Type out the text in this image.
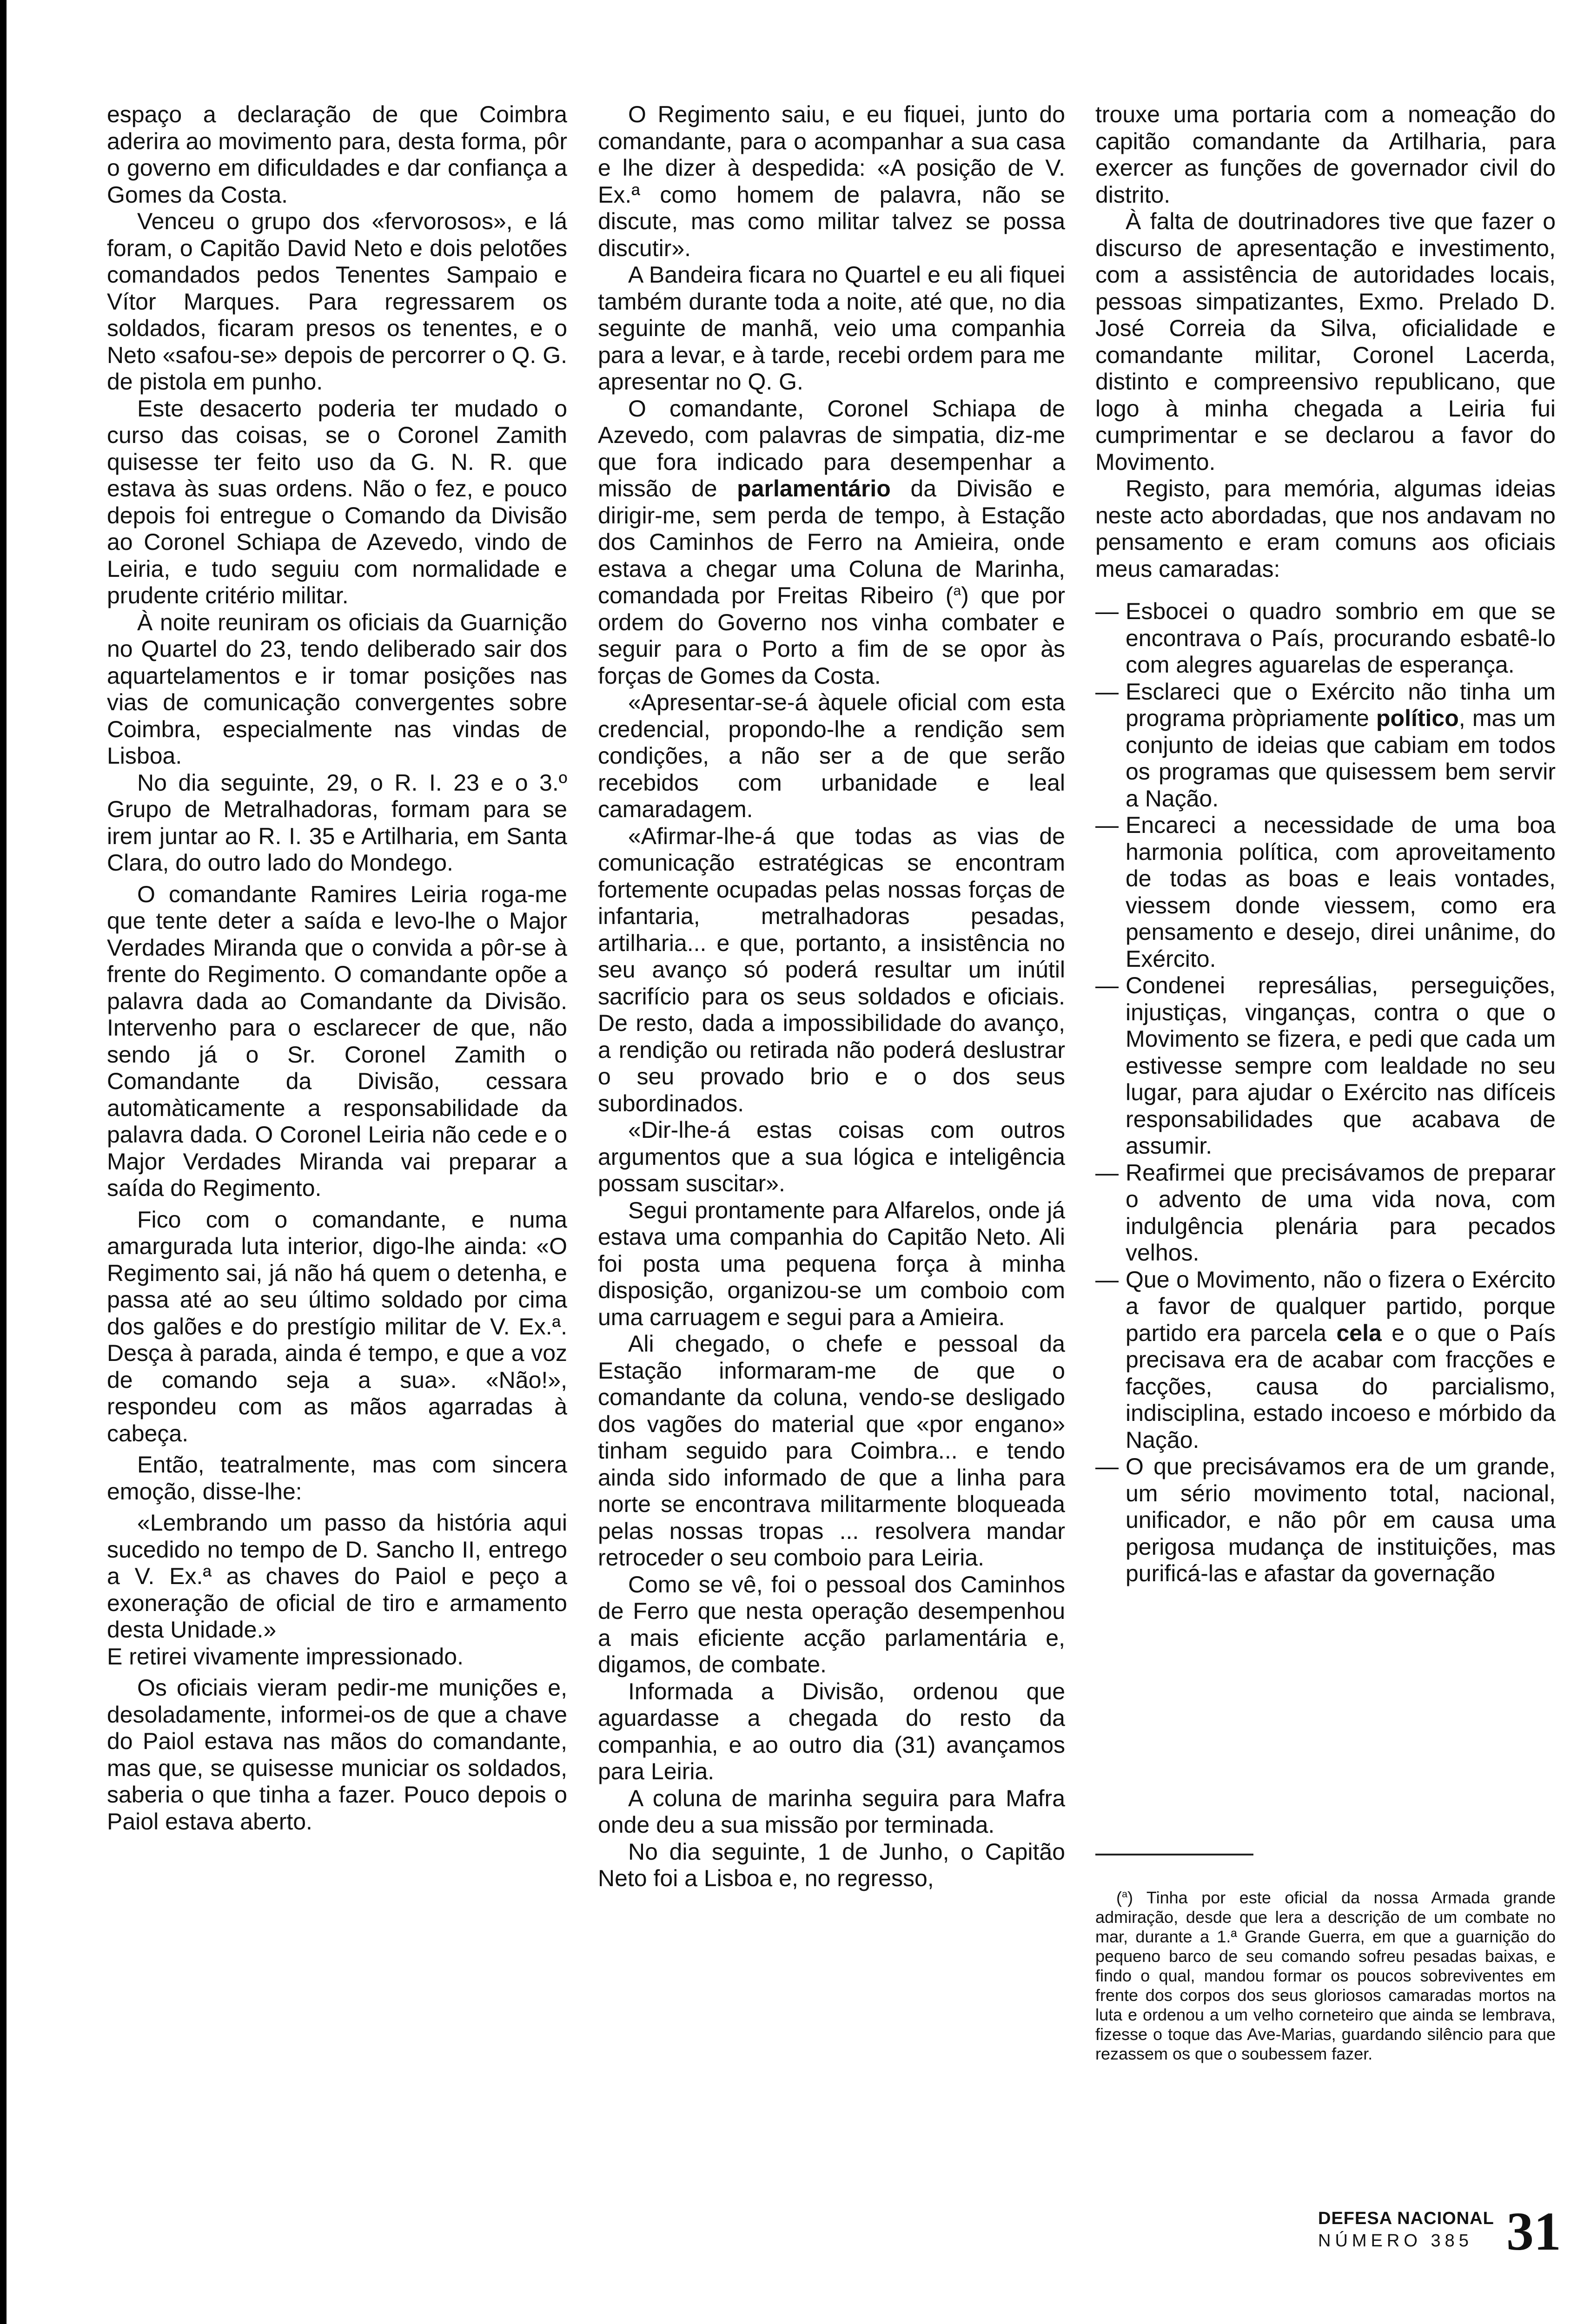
espaço a declaração de que Coimbra aderira ao movimento para, desta forma, pôr o governo em dificuldades e dar confiança a Gomes da Costa.

Venceu o grupo dos «fervorosos», e lá foram, o Capitão David Neto e dois pelotões comandados pedos Tenentes Sampaio e Vítor Marques. Para regressarem os soldados, ficaram presos os tenentes, e o Neto «safou-se» depois de percorrer o Q. G. de pistola em punho.

Este desacerto poderia ter mudado o curso das coisas, se o Coronel Zamith quisesse ter feito uso da G. N. R. que estava às suas ordens. Não o fez, e pouco depois foi entregue o Comando da Divisão ao Coronel Schiapa de Azevedo, vindo de Leiria, e tudo seguiu com normalidade e prudente critério militar.

À noite reuniram os oficiais da Guarnição no Quartel do 23, tendo deliberado sair dos aquartelamentos e ir tomar posições nas vias de comunicação convergentes sobre Coimbra, especialmente nas vindas de Lisboa.

No dia seguinte, 29, o R. I. 23 e o 3.º Grupo de Metralhadoras, formam para se irem juntar ao R. I. 35 e Artilharia, em Santa Clara, do outro lado do Mondego.

O comandante Ramires Leiria roga-me que tente deter a saída e levo-lhe o Major Verdades Miranda que o convida a pôr-se à frente do Regimento. O comandante opõe a palavra dada ao Comandante da Divisão. Intervenho para o esclarecer de que, não sendo já o Sr. Coronel Zamith o Comandante da Divisão, cessara automàticamente a responsabilidade da palavra dada. O Coronel Leiria não cede e o Major Verdades Miranda vai preparar a saída do Regimento.

Fico com o comandante, e numa amargurada luta interior, digo-lhe ainda: «O Regimento sai, já não há quem o detenha, e passa até ao seu último soldado por cima dos galões e do prestígio militar de V. Ex.ª. Desça à parada, ainda é tempo, e que a voz de comando seja a sua». «Não!», respondeu com as mãos agarradas à cabeça.

Então, teatralmente, mas com sincera emoção, disse-lhe:

«Lembrando um passo da história aqui sucedido no tempo de D. Sancho II, entrego a V. Ex.ª as chaves do Paiol e peço a exoneração de oficial de tiro e armamento desta Unidade.»

E retirei vivamente impressionado.

Os oficiais vieram pedir-me munições e, desoladamente, informei-os de que a chave do Paiol estava nas mãos do comandante, mas que, se quisesse municiar os soldados, saberia o que tinha a fazer. Pouco depois o Paiol estava aberto.

O Regimento saiu, e eu fiquei, junto do comandante, para o acompanhar a sua casa e lhe dizer à despedida: «A posição de V. Ex.ª como homem de palavra, não se discute, mas como militar talvez se possa discutir».

A Bandeira ficara no Quartel e eu ali fiquei também durante toda a noite, até que, no dia seguinte de manhã, veio uma companhia para a levar, e à tarde, recebi ordem para me apresentar no Q. G.

O comandante, Coronel Schiapa de Azevedo, com palavras de simpatia, diz-me que fora indicado para desempenhar a missão de parlamentário da Divisão e dirigir-me, sem perda de tempo, à Estação dos Caminhos de Ferro na Amieira, onde estava a chegar uma Coluna de Marinha, comandada por Freitas Ribeiro ($^a$) que por ordem do Governo nos vinha combater e seguir para o Porto a fim de se opor às forças de Gomes da Costa.

«Apresentar-se-á àquele oficial com esta credencial, propondo-lhe a rendição sem condições, a não ser a de que serão recebidos com urbanidade e leal camaradagem.

«Afirmar-lhe-á que todas as vias de comunicação estratégicas se encontram fortemente ocupadas pelas nossas forças de infantaria, metralhadoras pesadas, artilharia... e que, portanto, a insistência no seu avanço só poderá resultar um inútil sacrifício para os seus soldados e oficiais. De resto, dada a impossibilidade do avanço, a rendição ou retirada não poderá deslustrar o seu provado brio e o dos seus subordinados.

«Dir-lhe-á estas coisas com outros argumentos que a sua lógica e inteligência possam suscitar».

Segui prontamente para Alfarelos, onde já estava uma companhia do Capitão Neto. Ali foi posta uma pequena força à minha disposição, organizou-se um comboio com uma carruagem e segui para a Amieira.

Ali chegado, o chefe e pessoal da Estação informaram-me de que o comandante da coluna, vendo-se desligado dos vagões do material que «por engano» tinham seguido para Coimbra... e tendo ainda sido informado de que a linha para norte se encontrava militarmente bloqueada pelas nossas tropas ... resolvera mandar retroceder o seu comboio para Leiria.

Como se vê, foi o pessoal dos Caminhos de Ferro que nesta operação desempenhou a mais eficiente acção parlamentária e, digamos, de combate.

Informada a Divisão, ordenou que aguardasse a chegada do resto da companhia, e ao outro dia (31) avançamos para Leiria.

A coluna de marinha seguira para Mafra onde deu a sua missão por terminada.

No dia seguinte, 1 de Junho, o Capitão Neto foi a Lisboa e, no regresso,

trouxe uma portaria com a nomeação do capitão comandante da Artilharia, para exercer as funções de governador civil do distrito.

À falta de doutrinadores tive que fazer o discurso de apresentação e investimento, com a assistência de autoridades locais, pessoas simpatizantes, Exmo. Prelado D. José Correia da Silva, oficialidade e comandante militar, Coronel Lacerda, distinto e compreensivo republicano, que logo à minha chegada a Leiria fui cumprimentar e se declarou a favor do Movimento.

Registo, para memória, algumas ideias neste acto abordadas, que nos andavam no pensamento e eram comuns aos oficiais meus camaradas:

— Esbocei o quadro sombrio em que se encontrava o País, procurando esbatê-lo com alegres aguarelas de esperança.
— Esclareci que o Exército não tinha um programa pròpriamente político, mas um conjunto de ideias que cabiam em todos os programas que quisessem bem servir a Nação.
— Encareci a necessidade de uma boa harmonia política, com aproveitamento de todas as boas e leais vontades, viessem donde viessem, como era pensamento e desejo, direi unânime, do Exército.
— Condenei represálias, perseguições, injustiças, vinganças, contra o que o Movimento se fizera, e pedi que cada um estivesse sempre com lealdade no seu lugar, para ajudar o Exército nas difíceis responsabilidades que acabava de assumir.
— Reafirmei que precisávamos de preparar o advento de uma vida nova, com indulgência plenária para pecados velhos.
— Que o Movimento, não o fizera o Exército a favor de qualquer partido, porque partido era parcela cela e o que o País precisava era de acabar com fracções e facções, causa do parcialismo, indisciplina, estado incoeso e mórbido da Nação.
— O que precisávamos era de um grande, um sério movimento total, nacional, unificador, e não pôr em causa uma perigosa mudança de instituições, mas purificá-las e afastar da governação

($^a$) Tinha por este oficial da nossa Armada grande admiração, desde que lera a descrição de um combate no mar, durante a 1.ª Grande Guerra, em que a guarnição do pequeno barco de seu comando sofreu pesadas baixas, e findo o qual, mandou formar os poucos sobreviventes em frente dos corpos dos seus gloriosos camaradas mortos na luta e ordenou a um velho corneteiro que ainda se lembrava, fizesse o toque das Ave-Marias, guardando silêncio para que rezassem os que o soubessem fazer.

DEFESA NACIONAL
NÚMERO 385 31
